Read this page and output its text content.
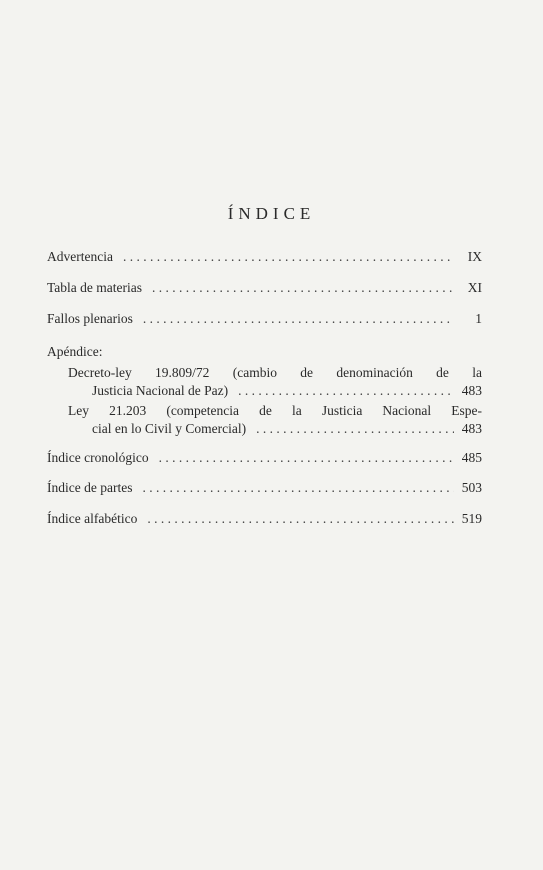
ÍNDICE
Advertencia . . .	IX
Tabla de materias . . .	XI
Fallos plenarios . . .	1
Apéndice:
Decreto-ley 19.809/72 (cambio de denominación de la
Justicia Nacional de Paz) . . .	483
Ley 21.203 (competencia de la Justicia Nacional Espe-
cial en lo Civil y Comercial) . . .	483
Índice cronológico . . .	485
Índice de partes . . .	503
Índice alfabético . . .	519
